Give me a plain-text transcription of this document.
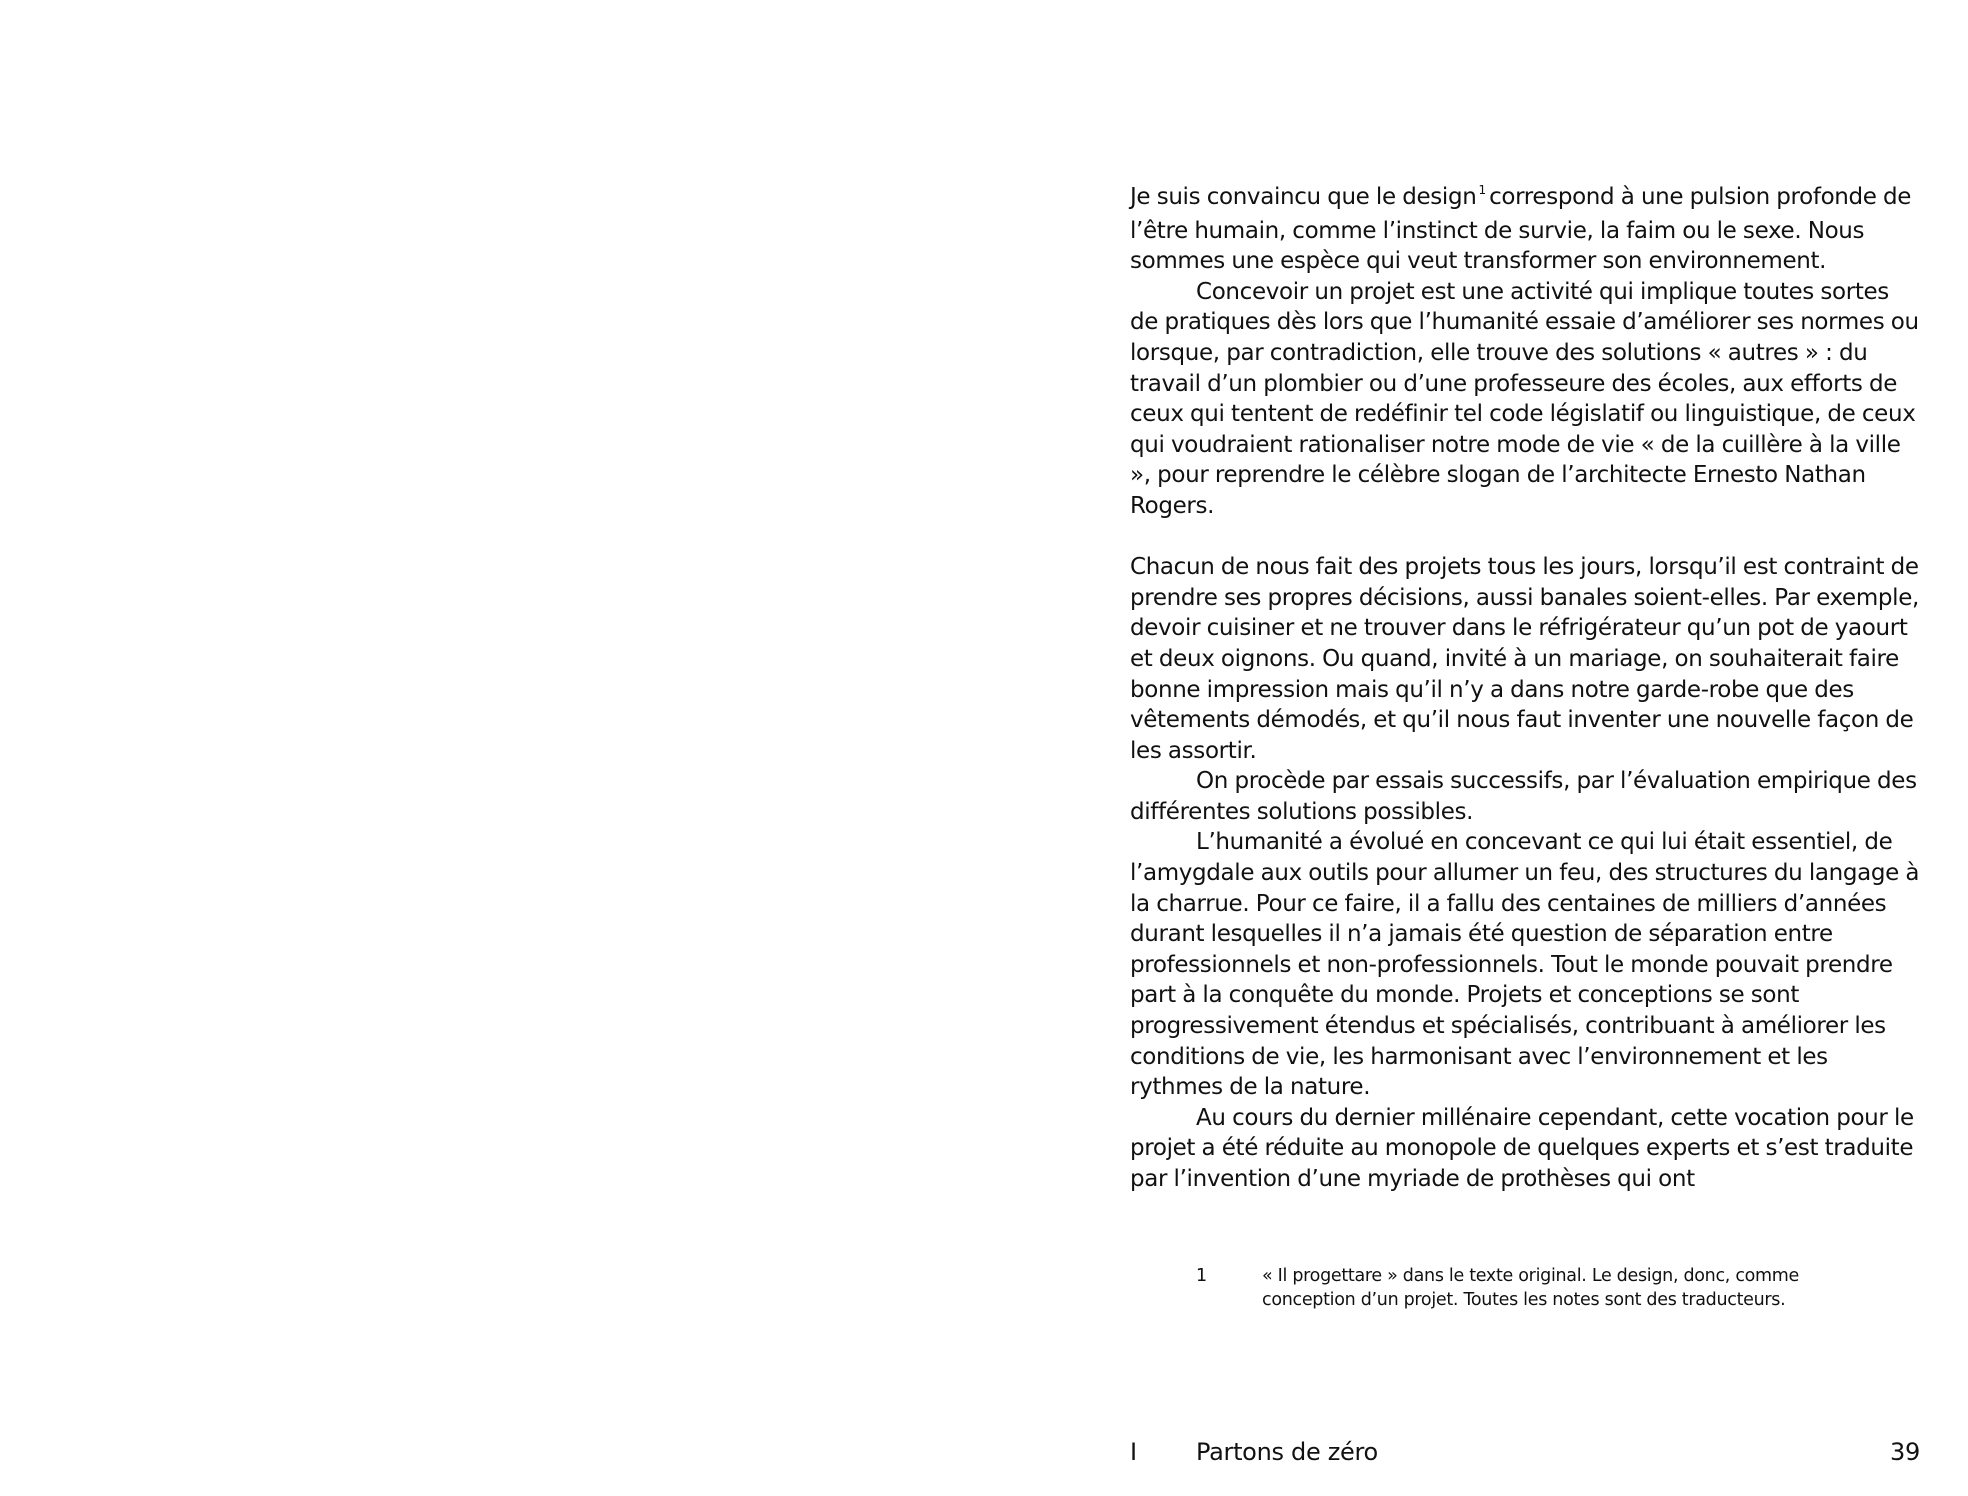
Je suis convaincu que le design $^1$ correspond à une pulsion profonde de l’être humain, comme l’instinct de survie, la faim ou le sexe. Nous sommes une espèce qui veut transformer son environnement.

Concevoir un projet est une activité qui implique toutes sortes de pratiques dès lors que l’humanité essaie d’améliorer ses normes ou lorsque, par contradiction, elle trouve des solutions « autres » : du travail d’un plombier ou d’une professeure des écoles, aux efforts de ceux qui tentent de redéfinir tel code législatif ou linguistique, de ceux qui voudraient rationaliser notre mode de vie « de la cuillère à la ville », pour reprendre le célèbre slogan de l’architecte Ernesto Nathan Rogers.

Chacun de nous fait des projets tous les jours, lorsqu’il est contraint de prendre ses propres décisions, aussi banales soient-elles. Par exemple, devoir cuisiner et ne trouver dans le réfrigérateur qu’un pot de yaourt et deux oignons. Ou quand, invité à un mariage, on souhaiterait faire bonne impression mais qu’il n’y a dans notre garde-robe que des vêtements démodés, et qu’il nous faut inventer une nouvelle façon de les assortir.

On procède par essais successifs, par l’évaluation empirique des différentes solutions possibles.

L’humanité a évolué en concevant ce qui lui était essentiel, de l’amygdale aux outils pour allumer un feu, des structures du langage à la charrue. Pour ce faire, il a fallu des centaines de milliers d’années durant lesquelles il n’a jamais été question de séparation entre professionnels et non-professionnels. Tout le monde pouvait prendre part à la conquête du monde. Projets et conceptions se sont progressivement étendus et spécialisés, contribuant à améliorer les conditions de vie, les harmonisant avec l’environnement et les rythmes de la nature.

Au cours du dernier millénaire cependant, cette vocation pour le projet a été réduite au monopole de quelques experts et s’est traduite par l’invention d’une myriade de prothèses qui ont

1	« Il progettare » dans le texte original. Le design, donc, comme conception d’un projet. Toutes les notes sont des traducteurs.
I Partons de zéro	39
